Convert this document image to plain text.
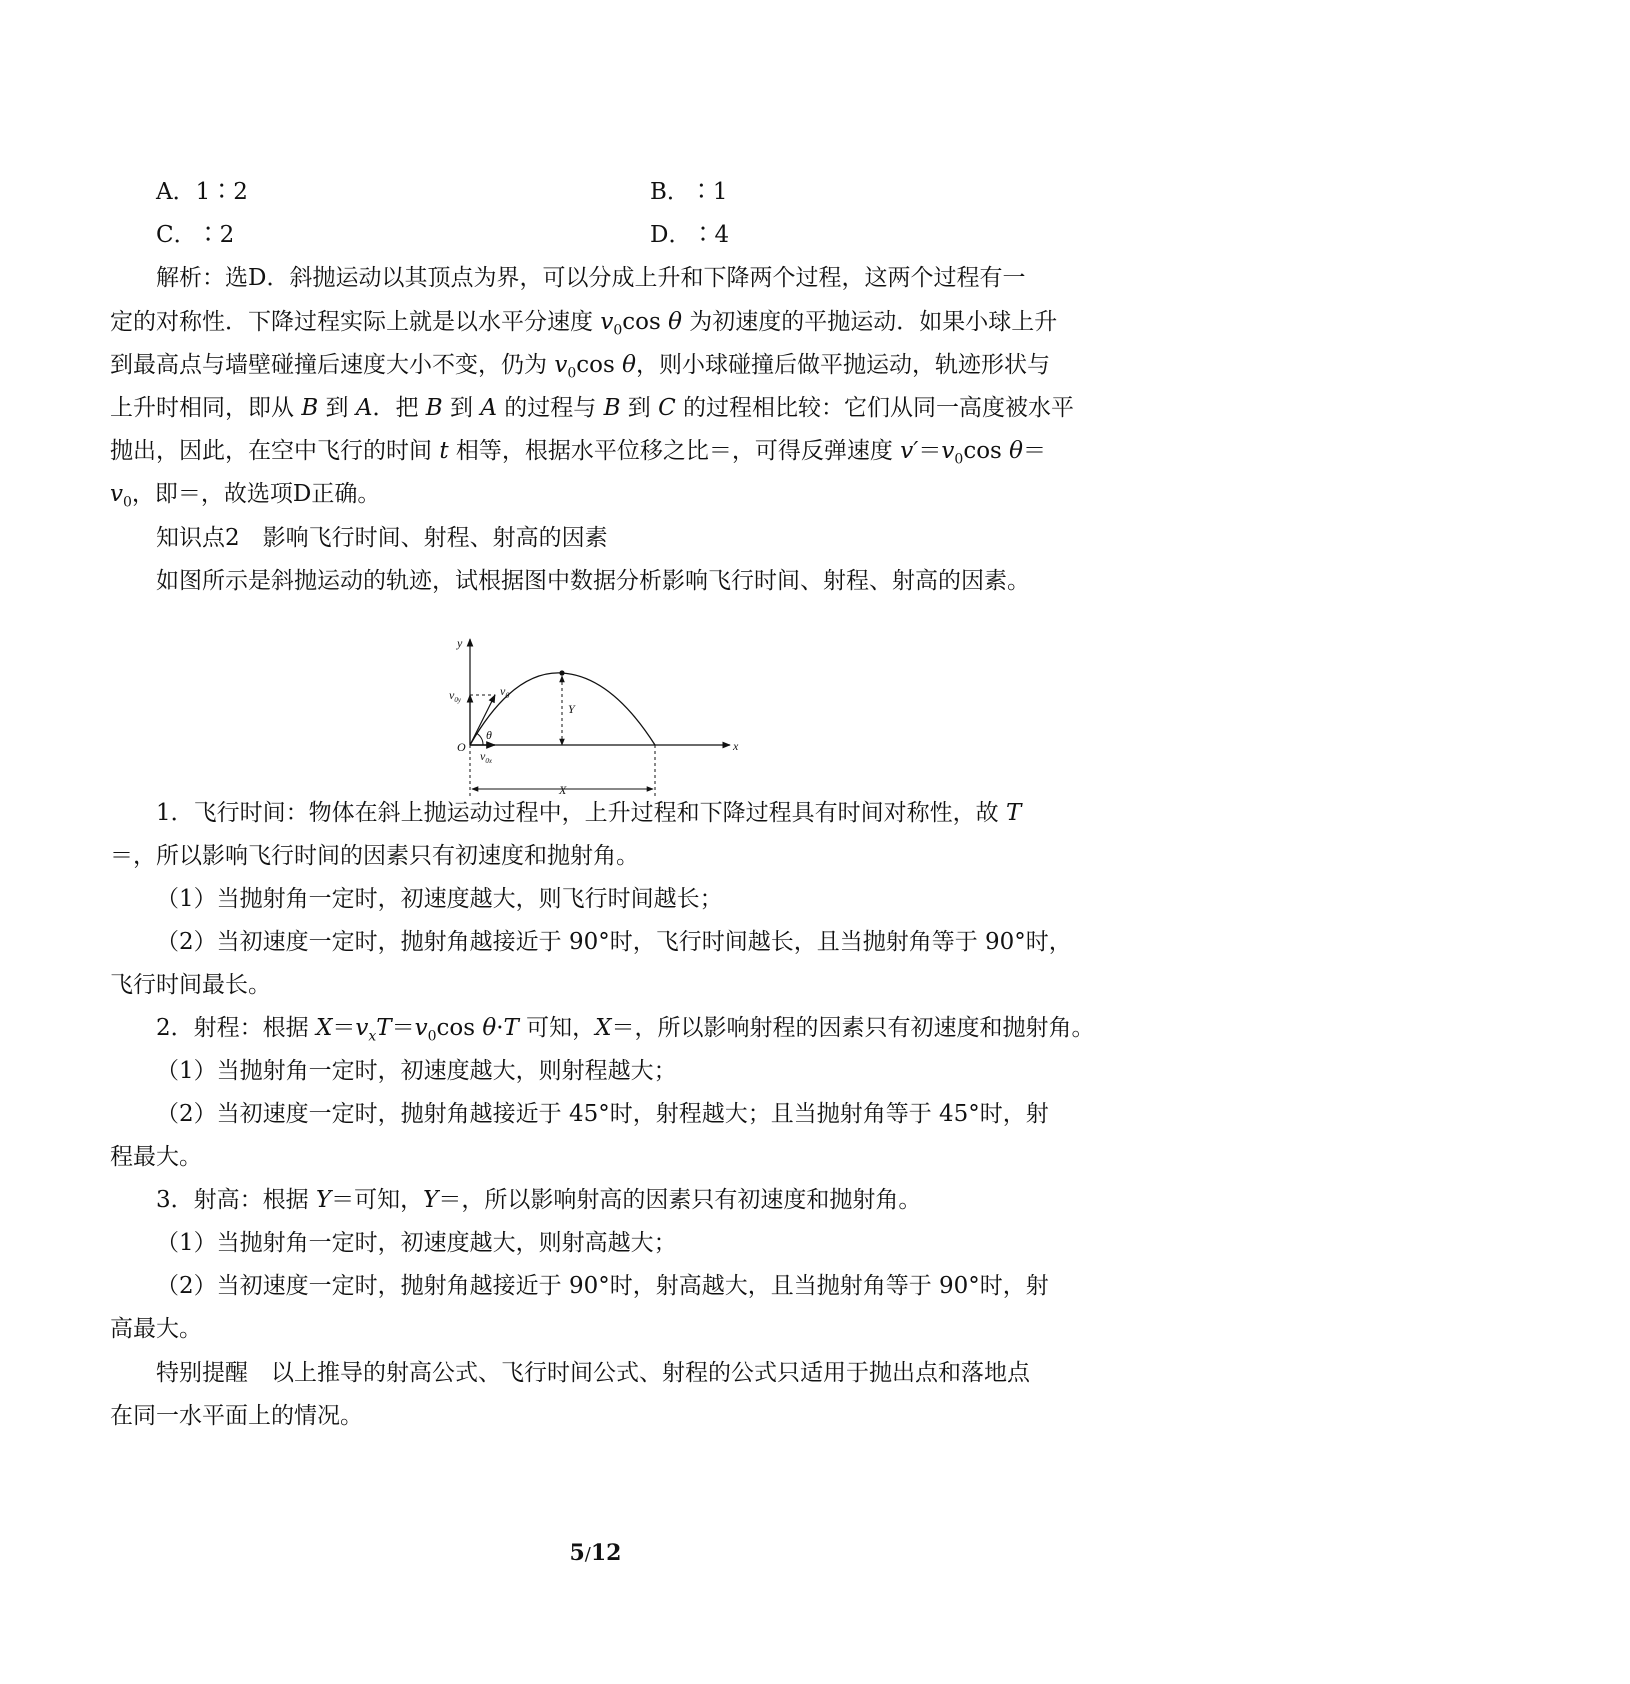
A．1∶2	B．∶1
C．∶2	D．∶4
解析：选D．斜抛运动以其顶点为界，可以分成上升和下降两个过程，这两个过程有一
定的对称性．下降过程实际上就是以水平分速度 $v_0\cos$ θ 为初速度的平抛运动．如果小球上升
到最高点与墙壁碰撞后速度大小不变，仍为 $v_0\cos$ θ，则小球碰撞后做平抛运动，轨迹形状与
上升时相同，即从 B 到 A．把 B 到 A 的过程与 B 到 C 的过程相比较：它们从同一高度被水平
抛出，因此，在空中飞行的时间 t 相等，根据水平位移之比＝，可得反弹速度 $v'=v_0\cos$ θ＝
$v_0$，即＝，故选项D正确。
知识点2　影响飞行时间、射程、射高的因素
如图所示是斜抛运动的轨迹，试根据图中数据分析影响飞行时间、射程、射高的因素。
y
x
O
θ
$v_0$
$v_{0y}$
$v_{0x}$
Y
X
1．飞行时间：物体在斜上抛运动过程中，上升过程和下降过程具有时间对称性，故 T
＝，所以影响飞行时间的因素只有初速度和抛射角。
（1）当抛射角一定时，初速度越大，则飞行时间越长；
（2）当初速度一定时，抛射角越接近于 90°时，飞行时间越长，且当抛射角等于 90°时，
飞行时间最长。
2．射程：根据 $X=v_xT=v_0\cos$ θ·T 可知，X＝，所以影响射程的因素只有初速度和抛射角。
（1）当抛射角一定时，初速度越大，则射程越大；
（2）当初速度一定时，抛射角越接近于 45°时，射程越大；且当抛射角等于 45°时，射
程最大。
3．射高：根据 Y＝可知，Y＝，所以影响射高的因素只有初速度和抛射角。
（1）当抛射角一定时，初速度越大，则射高越大；
（2）当初速度一定时，抛射角越接近于 90°时，射高越大，且当抛射角等于 90°时，射
高最大。
特别提醒　以上推导的射高公式、飞行时间公式、射程的公式只适用于抛出点和落地点
在同一水平面上的情况。
5/12
